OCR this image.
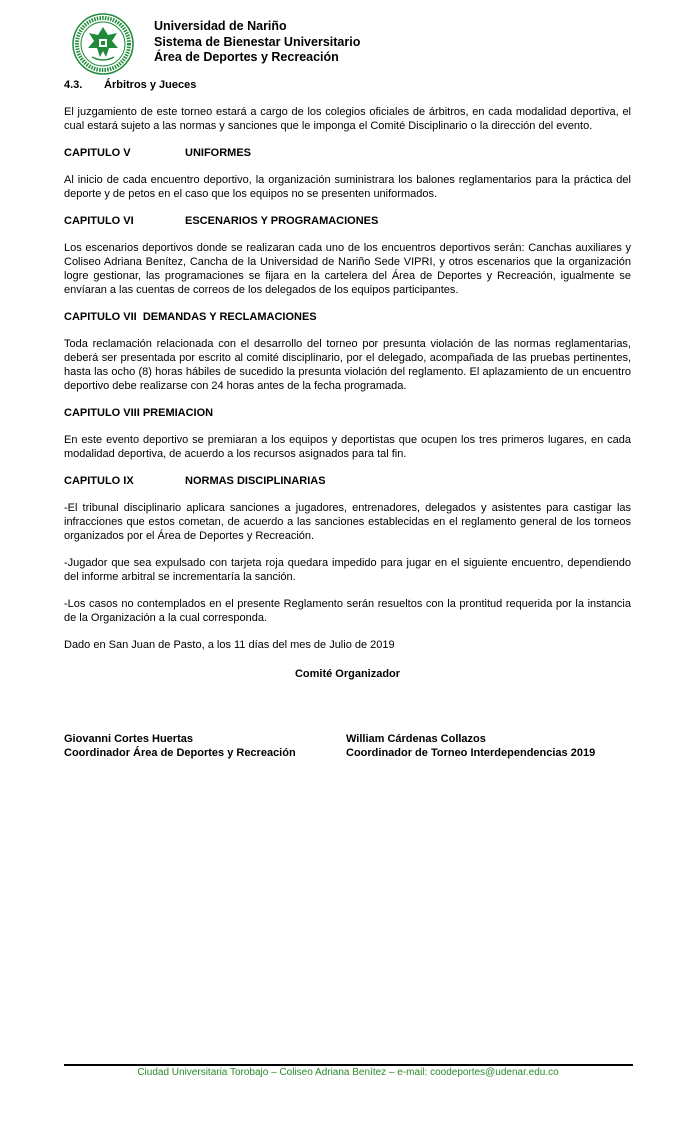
Universidad de Nariño
Sistema de Bienestar Universitario
Área de Deportes y Recreación

4.3. Árbitros y Jueces

El juzgamiento de este torneo estará a cargo de los colegios oficiales de árbitros, en cada modalidad deportiva, el cual estará sujeto a las normas y sanciones que le imponga el Comité Disciplinario o la dirección del evento.

CAPITULO V	UNIFORMES

Al inicio de cada encuentro deportivo, la organización suministrara los balones reglamentarios para la práctica del deporte y de petos en el caso que los equipos no se presenten uniformados.

CAPITULO VI	ESCENARIOS Y PROGRAMACIONES

Los escenarios deportivos donde se realizaran cada uno de los encuentros deportivos serán: Canchas auxiliares y Coliseo Adriana Benítez, Cancha de la Universidad de Nariño Sede VIPRI, y otros escenarios que la organización logre gestionar, las programaciones se fijara en la cartelera del Área de Deportes y Recreación, igualmente se envíaran a las cuentas de correos de los delegados de los equipos participantes.

CAPITULO VII  DEMANDAS Y RECLAMACIONES

Toda reclamación relacionada con el desarrollo del torneo por presunta violación de las normas reglamentarias, deberá ser presentada por escrito al comité disciplinario, por el delegado, acompañada de las pruebas pertinentes, hasta las ocho (8) horas hábiles de sucedido la presunta violación del reglamento. El aplazamiento de un encuentro deportivo debe realizarse con 24 horas antes de la fecha programada.

CAPITULO VIII PREMIACION

En este evento deportivo se premiaran a los equipos y deportistas que ocupen los tres primeros lugares, en cada modalidad deportiva, de acuerdo a los recursos asignados para tal fin.

CAPITULO IX	NORMAS DISCIPLINARIAS

-El tribunal disciplinario aplicara sanciones a jugadores, entrenadores, delegados y asistentes para castigar las infracciones que estos cometan, de acuerdo a las sanciones establecidas en el reglamento general de los torneos organizados por el Área de Deportes y Recreación.

-Jugador que sea expulsado con tarjeta roja quedara impedido para jugar en el siguiente encuentro, dependiendo del informe arbitral se incrementaría la sanción.

-Los casos no contemplados en el presente Reglamento serán resueltos con la prontitud requerida por la instancia de la Organización a la cual corresponda.

Dado en San Juan de Pasto, a los 11 días del mes de Julio de 2019

Comité Organizador

Giovanni Cortes Huertas
Coordinador Área de Deportes y Recreación
William Cárdenas Collazos
Coordinador de Torneo Interdependencias 2019
Ciudad Universitaria Torobajo – Coliseo Adriana Benítez – e-mail: coodeportes@udenar.edu.co
